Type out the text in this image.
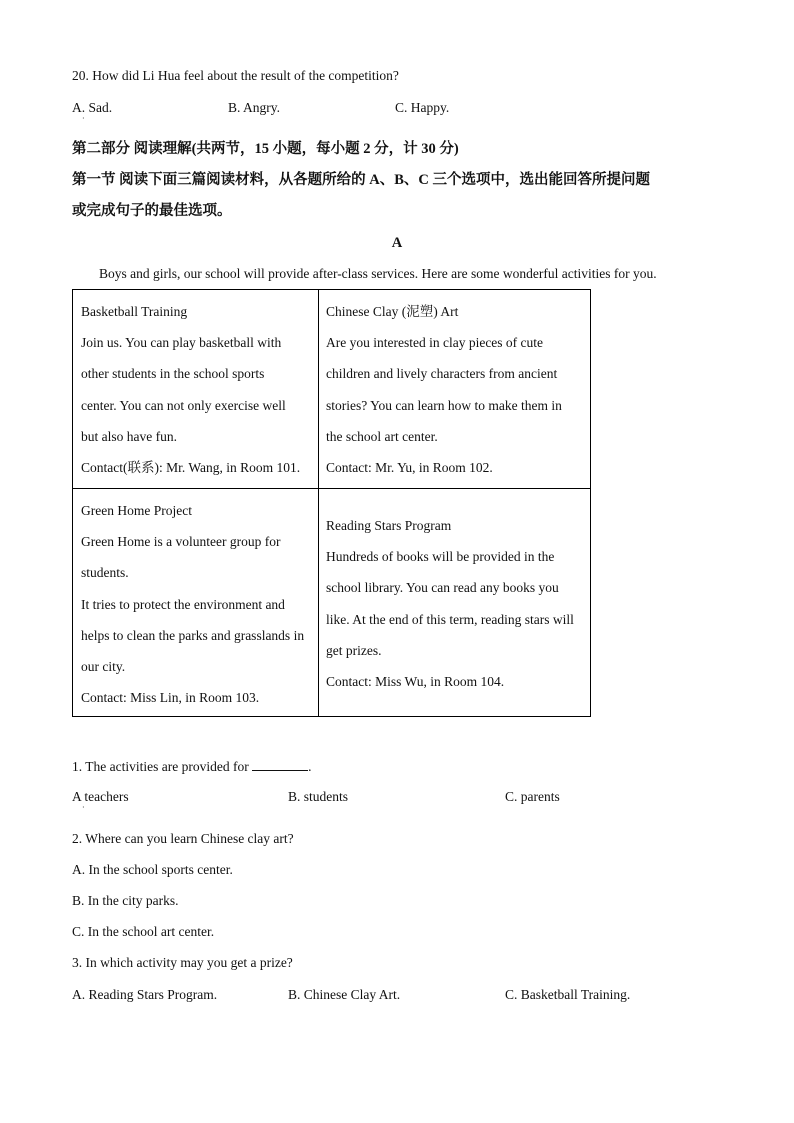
20. How did Li Hua feel about the result of the competition?
A. Sad.
·
B. Angry.	C. Happy.
第二部分 阅读理解(共两节，15 小题，每小题 2 分，计 30 分)
第一节 阅读下面三篇阅读材料，从各题所给的 A、B、C 三个选项中，选出能回答所提问题
或完成句子的最佳选项。
A
Boys and girls, our school will provide after-class services. Here are some wonderful activities for you.

Basketball Training

Join us. You can play basketball with

other students in the school sports

center. You can not only exercise well

but also have fun.

Contact(联系): Mr. Wang, in Room 101.

Chinese Clay (泥塑) Art

Are you interested in clay pieces of cute

children and lively characters from ancient

stories? You can learn how to make them in

the school art center.

Contact: Mr. Yu, in Room 102.

Green Home Project

Green Home is a volunteer group for

students.

It tries to protect the environment and

helps to clean the parks and grasslands in

our city.

Contact: Miss Lin, in Room 103.

Reading Stars Program

Hundreds of books will be provided in the

school library. You can read any books you

like. At the end of this term, reading stars will

get prizes.

Contact: Miss Wu, in Room 104.

1. The activities are provided for	.
A teachers
·
B. students	C. parents
2. Where can you learn Chinese clay art?
A. In the school sports center.
B. In the city parks.
C. In the school art center.
3. In which activity may you get a prize?
A. Reading Stars Program.	B. Chinese Clay Art.	C. Basketball Training.
